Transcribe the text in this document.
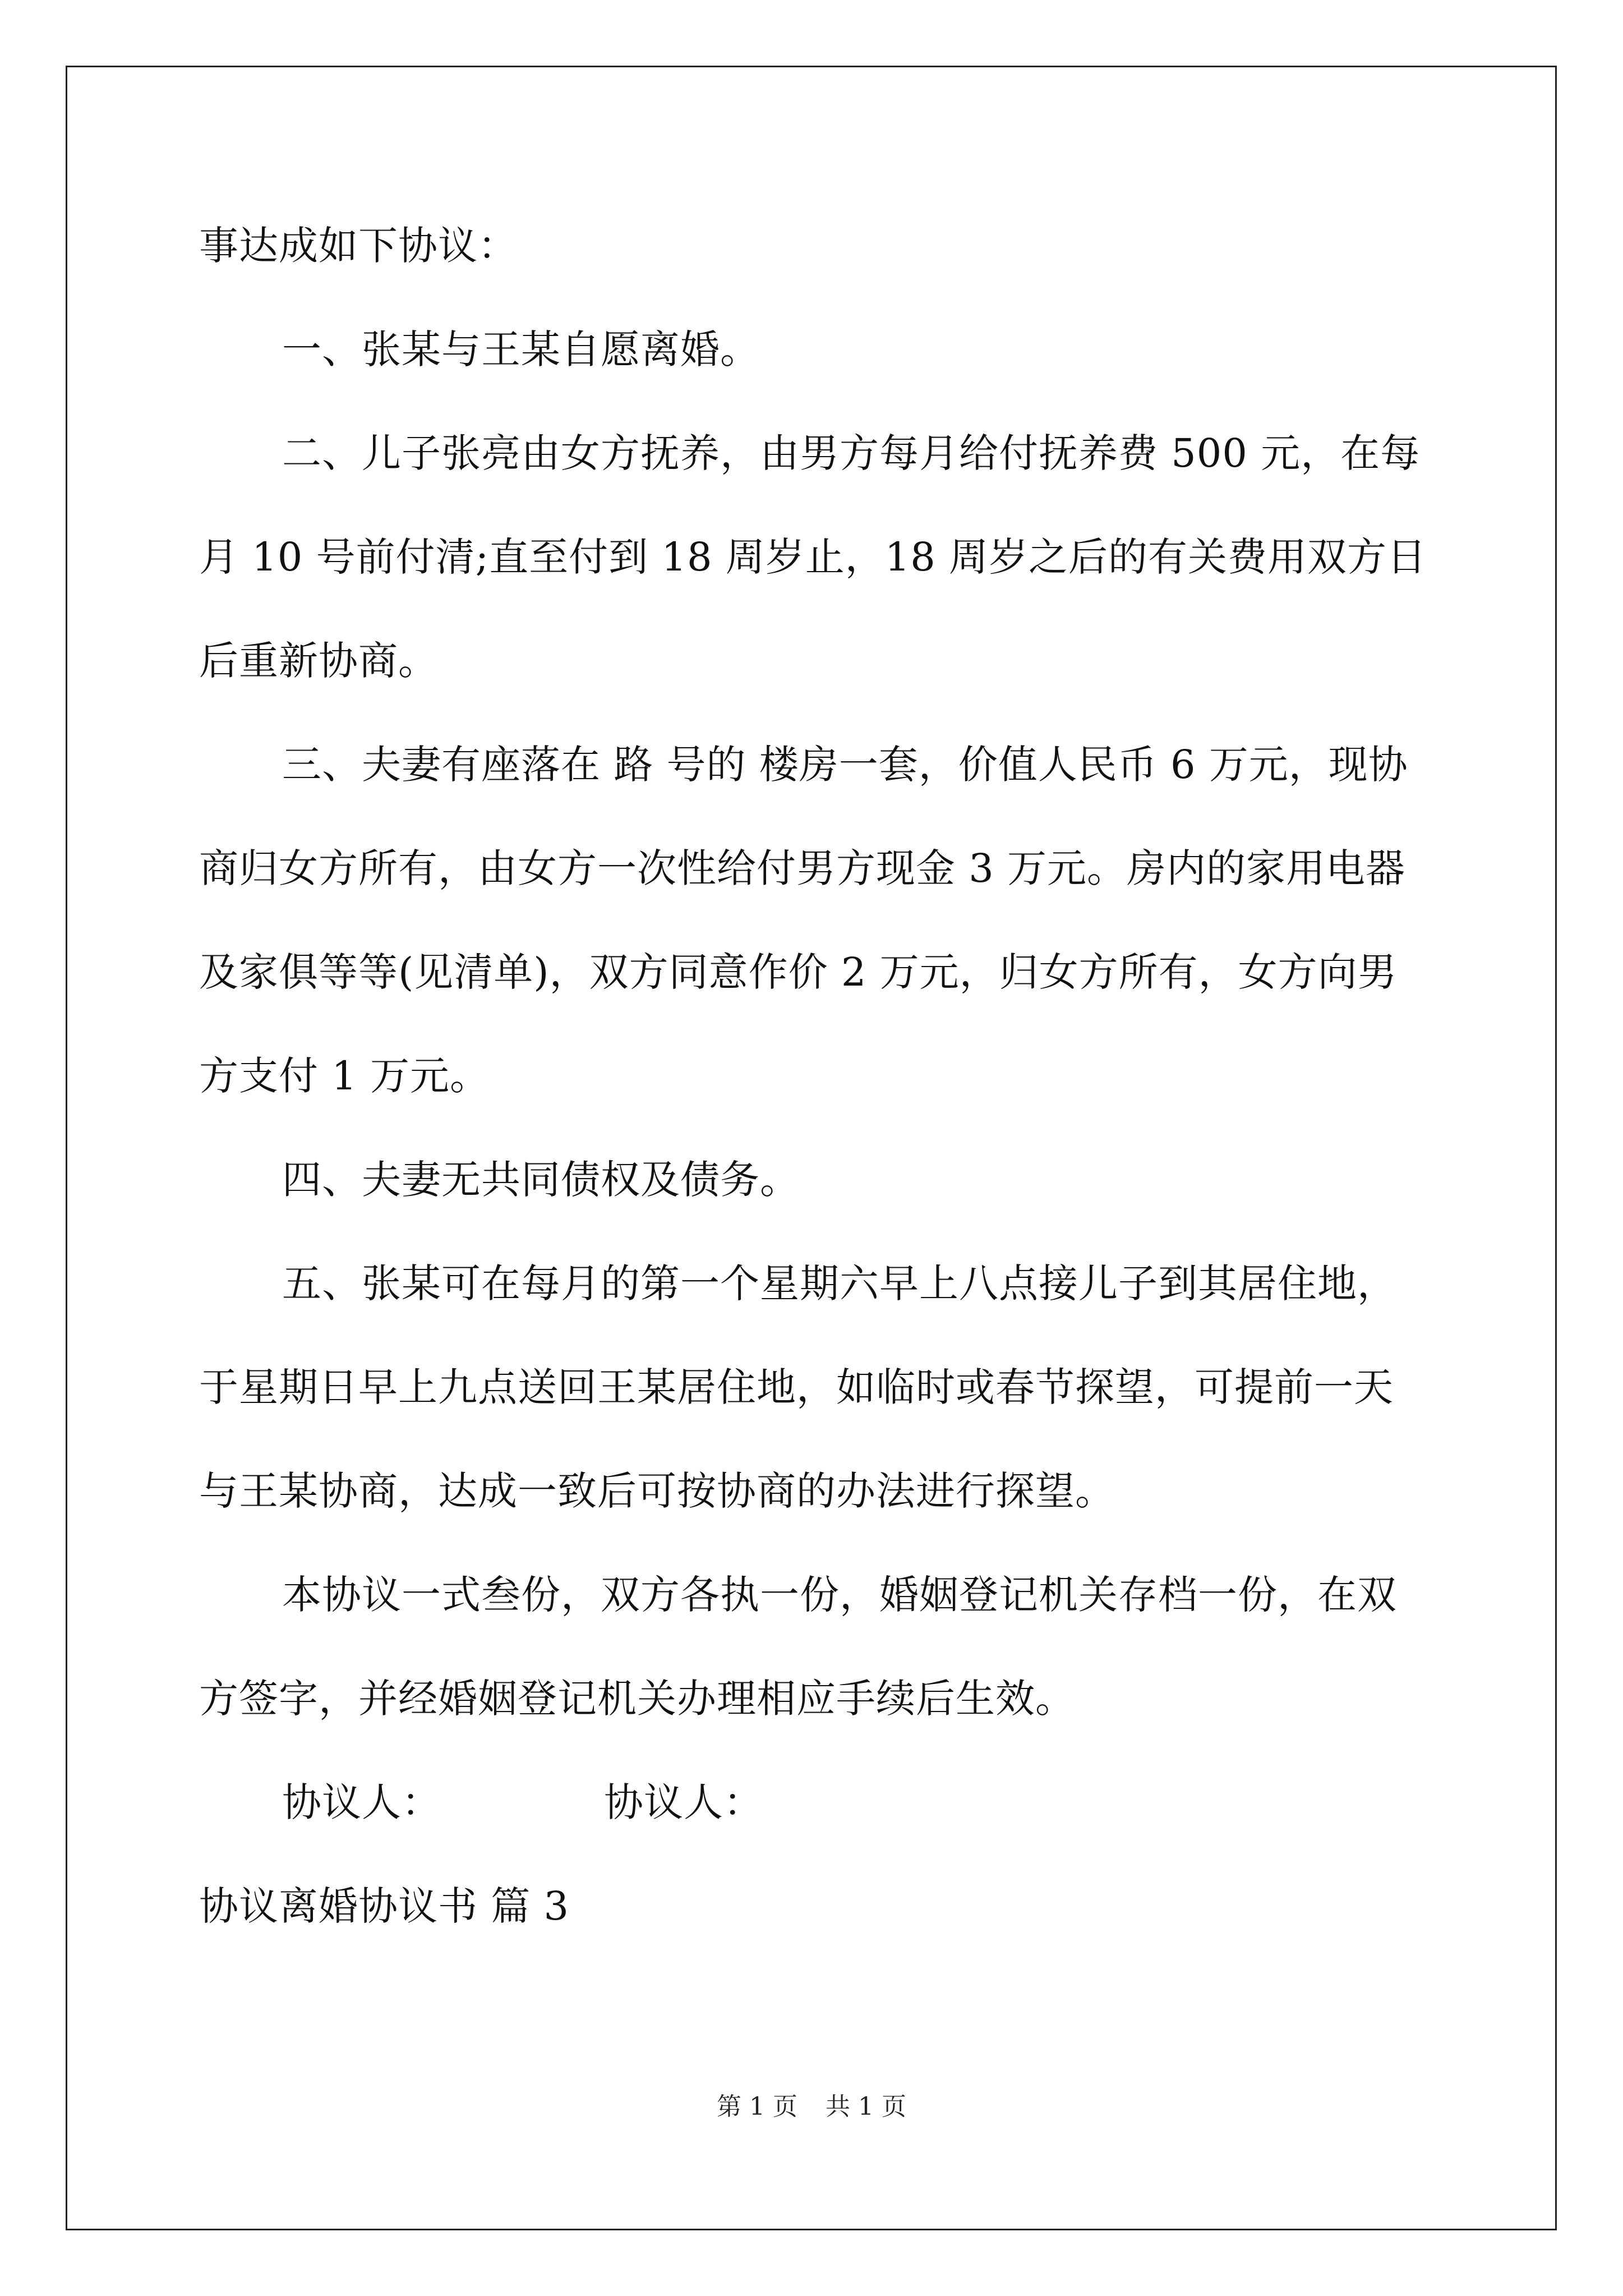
事达成如下协议：
一、张某与王某自愿离婚。
二、儿子张亮由女方抚养，由男方每月给付抚养费 500 元，在每
月 10 号前付清;直至付到 18 周岁止，18 周岁之后的有关费用双方日
后重新协商。
三、夫妻有座落在 路 号的 楼房一套，价值人民币 6 万元，现协
商归女方所有，由女方一次性给付男方现金 3 万元。房内的家用电器
及家俱等等(见清单)，双方同意作价 2 万元，归女方所有，女方向男
方支付 1 万元。
四、夫妻无共同债权及债务。
五、张某可在每月的第一个星期六早上八点接儿子到其居住地，
于星期日早上九点送回王某居住地，如临时或春节探望，可提前一天
与王某协商，达成一致后可按协商的办法进行探望。
本协议一式叁份，双方各执一份，婚姻登记机关存档一份，在双
方签字，并经婚姻登记机关办理相应手续后生效。
协议人：	协议人：
协议离婚协议书 篇 3
第 1 页 共 1 页
